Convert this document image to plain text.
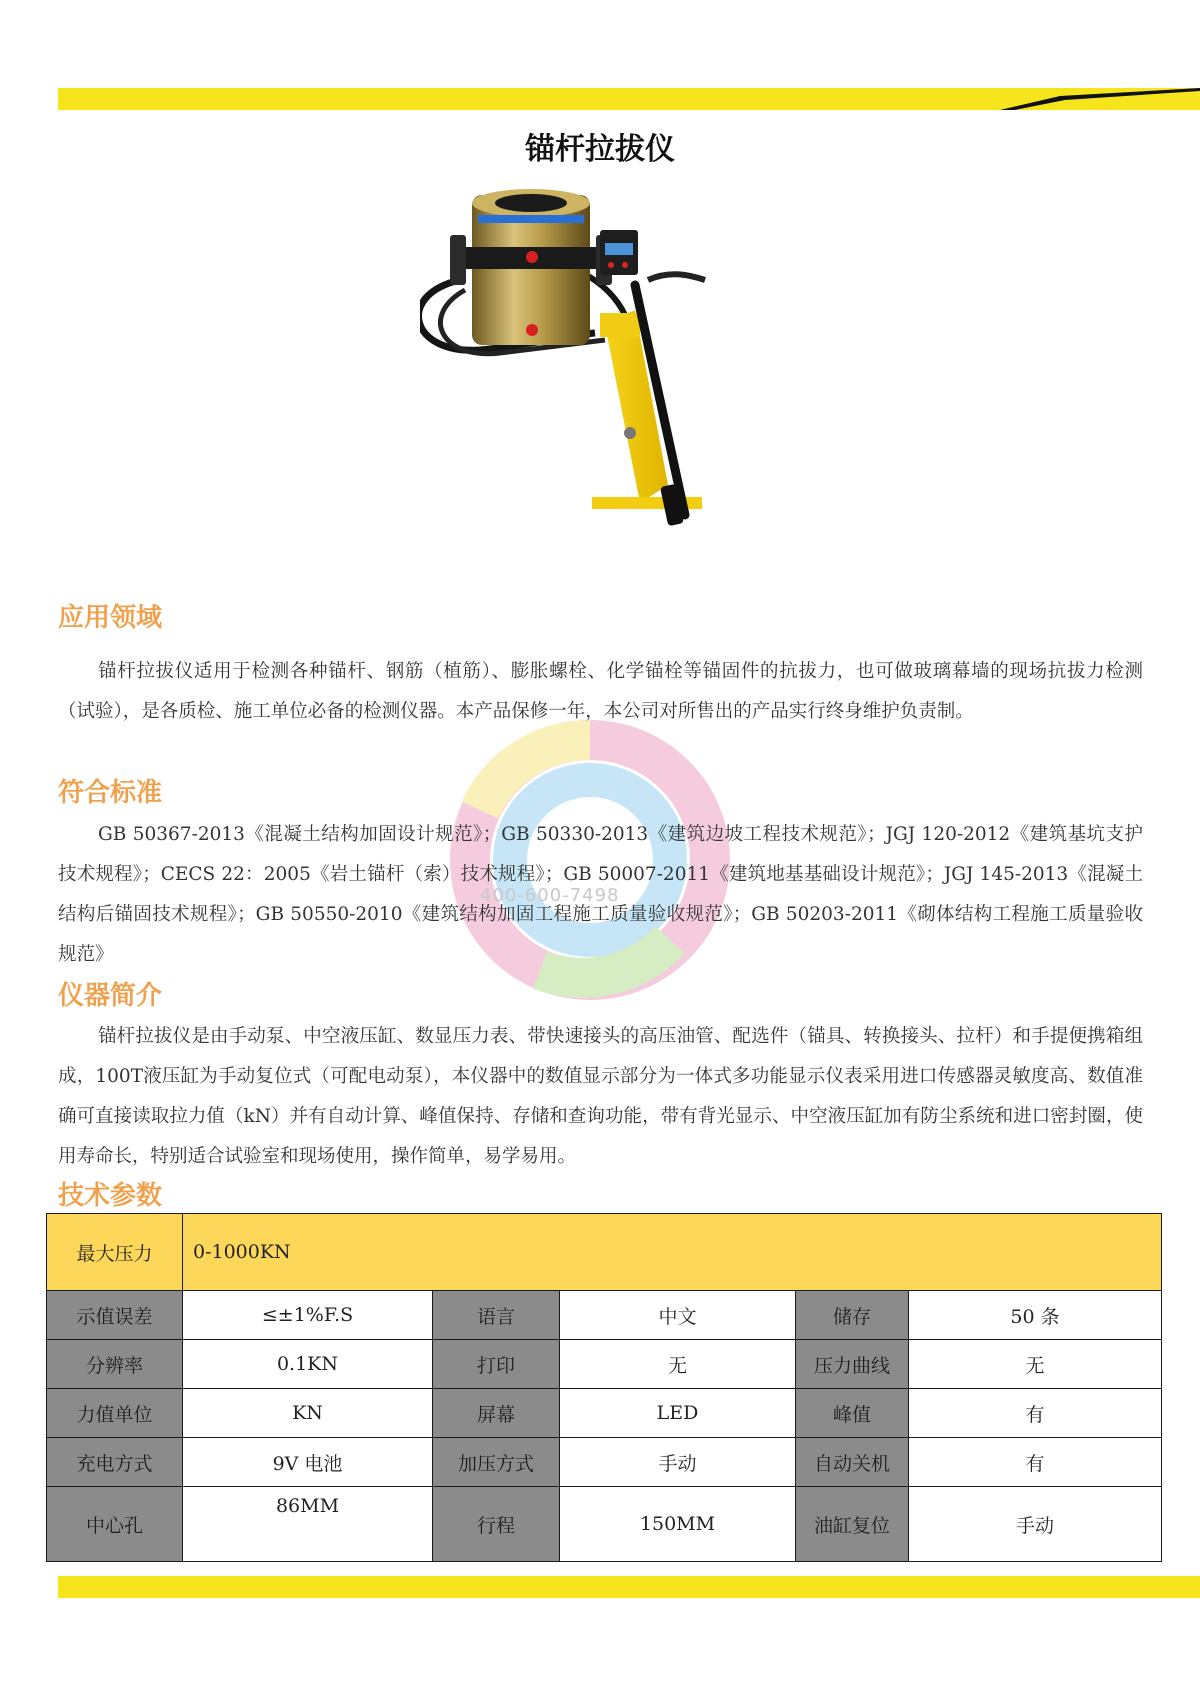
锚杆拉拔仪
400-600-7498
应用领域
锚杆拉拔仪适用于检测各种锚杆、钢筋（植筋）、膨胀螺栓、化学锚栓等锚固件的抗拔力，也可做玻璃幕墙的现场抗拔力检测（试验），是各质检、施工单位必备的检测仪器。本产品保修一年，本公司对所售出的产品实行终身维护负责制。
符合标准
GB 50367-2013《混凝土结构加固设计规范》；GB 50330-2013《建筑边坡工程技术规范》；JGJ 120-2012《建筑基坑支护技术规程》；CECS 22：2005《岩土锚杆（索）技术规程》；GB 50007-2011《建筑地基基础设计规范》；JGJ 145-2013《混凝土结构后锚固技术规程》；GB 50550-2010《建筑结构加固工程施工质量验收规范》；GB 50203-2011《砌体结构工程施工质量验收规范》
仪器简介
锚杆拉拔仪是由手动泵、中空液压缸、数显压力表、带快速接头的高压油管、配选件（锚具、转换接头、拉杆）和手提便携箱组成，100T液压缸为手动复位式（可配电动泵），本仪器中的数值显示部分为一体式多功能显示仪表采用进口传感器灵敏度高、数值准确可直接读取拉力值（kN）并有自动计算、峰值保持、存储和查询功能，带有背光显示、中空液压缸加有防尘系统和进口密封圈，使用寿命长，特别适合试验室和现场使用，操作简单，易学易用。
技术参数
最大压力	0-1000KN				
示值误差	≤±1%F.S	语言	中文	储存	50 条
分辨率	0.1KN	打印	无	压力曲线	无
力值单位	KN	屏幕	LED	峰值	有
充电方式	9V 电池	加压方式	手动	自动关机	有
中心孔	86MM	行程	150MM	油缸复位	手动
